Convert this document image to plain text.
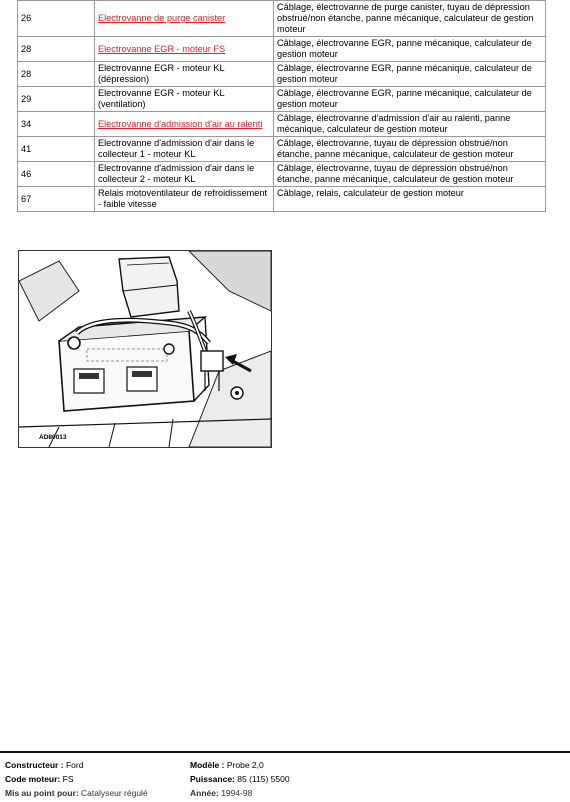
26	Electrovanne de purge canister	Câblage, électrovanne de purge canister, tuyau de dépression obstrué/non étanche, panne mécanique, calculateur de gestion moteur
28	Electrovanne EGR - moteur FS	Câblage, électrovanne EGR, panne mécanique, calculateur de gestion moteur
28	Electrovanne EGR - moteur KL (dépression)	Câblage, électrovanne EGR, panne mécanique, calculateur de gestion moteur
29	Electrovanne EGR - moteur KL (ventilation)	Câblage, électrovanne EGR, panne mécanique, calculateur de gestion moteur
34	Electrovanne d'admission d'air au ralenti	Câblage, électrovanne d'admission d'air au ralenti, panne mécanique, calculateur de gestion moteur
41	Electrovanne d'admission d'air dans le collecteur 1 - moteur KL	Câblage, électrovanne, tuyau de dépression obstrué/non étanche, panne mécanique, calculateur de gestion moteur
46	Electrovanne d'admission d'air dans le collecteur 2 - moteur KL	Câblage, électrovanne, tuyau de dépression obstrué/non étanche, panne mécanique, calculateur de gestion moteur
67	Relais motoventilateur de refroidissement - faible vitesse	Câblage, relais, calculateur de gestion moteur
AD80013
Constructeur : Ford
Code moteur: FS
Mis au point pour: Catalyseur régulé
Modèle : Probe 2,0
Puissance: 85 (115) 5500
Année: 1994-98
